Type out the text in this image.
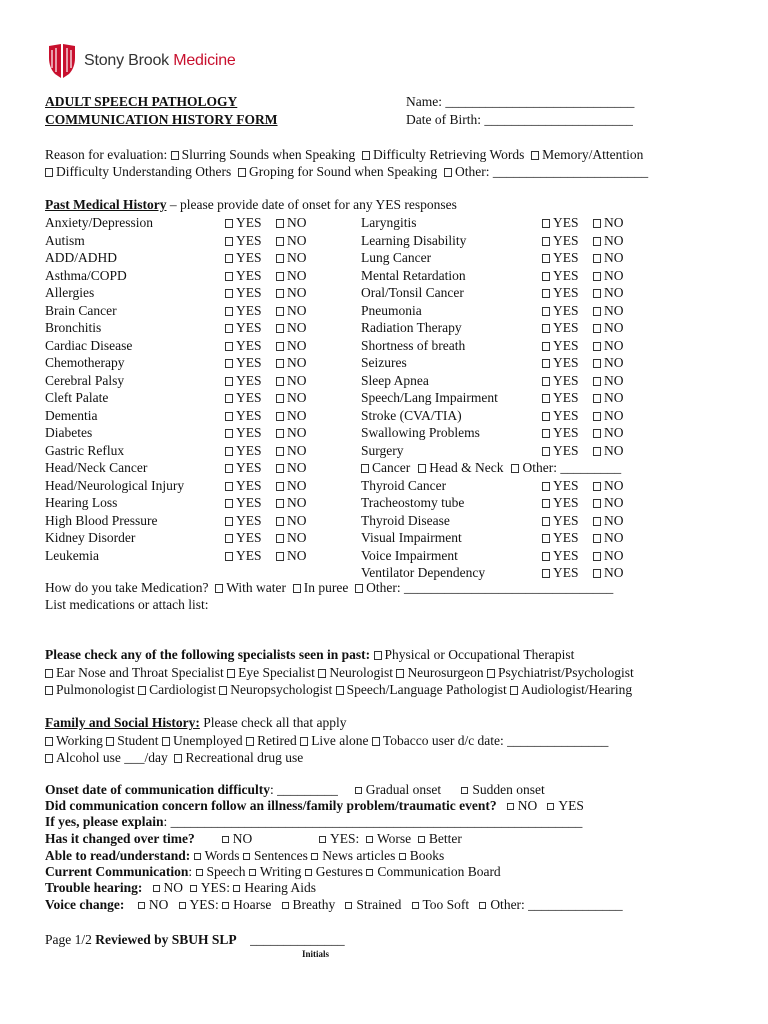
Stony Brook Medicine
ADULT SPEECH PATHOLOGY
COMMUNICATION HISTORY FORM
Name: ____________________________
Date of Birth: ______________________
Reason for evaluation: Slurring Sounds when Speaking Difficulty Retrieving Words Memory/Attention
Difficulty Understanding Others Groping for Sound when Speaking Other: _______________________
Past Medical History – please provide date of onset for any YES responses
Anxiety/Depression	YES	NO
Autism	YES	NO
ADD/ADHD	YES	NO
Asthma/COPD	YES	NO
Allergies	YES	NO
Brain Cancer	YES	NO
Bronchitis	YES	NO
Cardiac Disease	YES	NO
Chemotherapy	YES	NO
Cerebral Palsy	YES	NO
Cleft Palate	YES	NO
Dementia	YES	NO
Diabetes	YES	NO
Gastric Reflux	YES	NO
Head/Neck Cancer	YES	NO
Head/Neurological Injury	YES	NO
Hearing Loss	YES	NO
High Blood Pressure	YES	NO
Kidney Disorder	YES	NO
Leukemia	YES	NO
Laryngitis	YES	NO
Learning Disability	YES	NO
Lung Cancer	YES	NO
Mental Retardation	YES	NO
Oral/Tonsil Cancer	YES	NO
Pneumonia	YES	NO
Radiation Therapy	YES	NO
Shortness of breath	YES	NO
Seizures	YES	NO
Sleep Apnea	YES	NO
Speech/Lang Impairment	YES	NO
Stroke (CVA/TIA)	YES	NO
Swallowing Problems	YES	NO
Surgery	YES	NO
Cancer Head & Neck Other: _________
Thyroid Cancer	YES	NO
Tracheostomy tube	YES	NO
Thyroid Disease	YES	NO
Visual Impairment	YES	NO
Voice Impairment	YES	NO
Ventilator Dependency	YES	NO
How do you take Medication? With water In puree Other: _______________________________
List medications or attach list:
Please check any of the following specialists seen in past: Physical or Occupational Therapist
Ear Nose and Throat Specialist Eye Specialist Neurologist Neurosurgeon Psychiatrist/Psychologist
Pulmonologist Cardiologist Neuropsychologist Speech/Language Pathologist Audiologist/Hearing
Family and Social History: Please check all that apply
Working Student Unemployed Retired Live alone Tobacco user d/c date: _______________
Alcohol use ___/day Recreational drug use
Onset date of communication difficulty: _________ Gradual onset Sudden onset
Did communication concern follow an illness/family problem/traumatic event? NO YES
If yes, please explain: _____________________________________________________________
Has it changed over time?	NO	YES: Worse Better
Able to read/understand: Words Sentences News articles Books
Current Communication: Speech Writing Gestures Communication Board
Trouble hearing: NO YES: Hearing Aids
Voice change: NO YES: Hoarse Breathy Strained Too Soft Other: ______________
Page 1/2 Reviewed by SBUH SLP ______________
Initials
